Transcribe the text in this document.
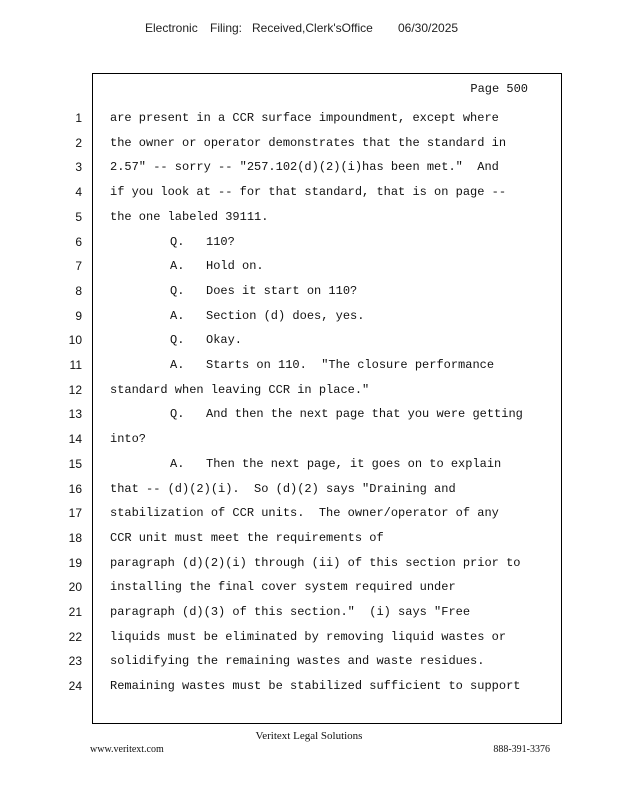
Electronic Filing: Received,Clerk'sOffice 06/30/2025
Page 500
1 are present in a CCR surface impoundment, except where
2 the owner or operator demonstrates that the standard in
3 2.57" -- sorry -- "257.102(d)(2)(i)has been met."  And
4 if you look at -- for that standard, that is on page --
5 the one labeled 39111.
6	Q. 110?
7	A. Hold on.
8	Q. Does it start on 110?
9	A. Section (d) does, yes.
10	Q. Okay.
11	A. Starts on 110.  "The closure performance
12 standard when leaving CCR in place."
13	Q. And then the next page that you were getting
14 into?
15	A. Then the next page, it goes on to explain
16 that -- (d)(2)(i).  So (d)(2) says "Draining and
17 stabilization of CCR units.  The owner/operator of any
18 CCR unit must meet the requirements of
19 paragraph (d)(2)(i) through (ii) of this section prior to
20 installing the final cover system required under
21 paragraph (d)(3) of this section."  (i) says "Free
22 liquids must be eliminated by removing liquid wastes or
23 solidifying the remaining wastes and waste residues.
24 Remaining wastes must be stabilized sufficient to support
Veritext Legal Solutions
www.veritext.com	888-391-3376
